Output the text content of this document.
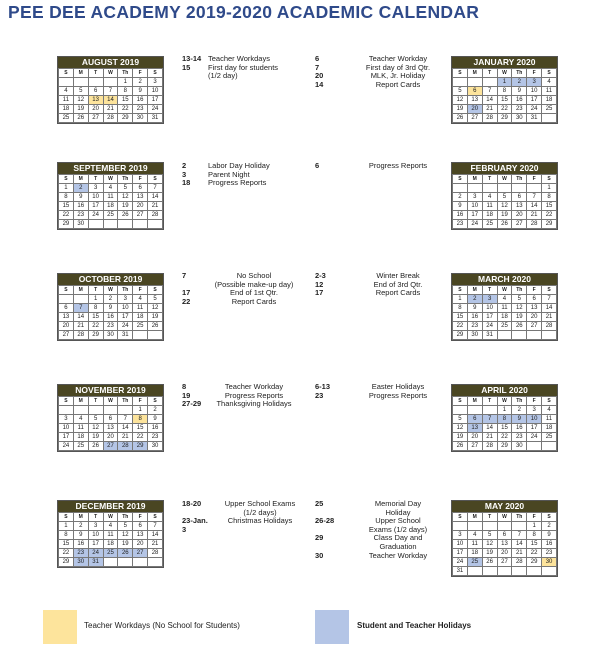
PEE DEE ACADEMY 2019-2020 ACADEMIC CALENDAR
AUGUST 2019
S	M	T	W	Th	F	S
				1	2	3
4	5	6	7	8	9	10
11	12	13	14	15	16	17
18	19	20	21	22	23	24
25	26	27	28	29	30	31
SEPTEMBER 2019
S	M	T	W	Th	F	S
1	2	3	4	5	6	7
8	9	10	11	12	13	14
15	16	17	18	19	20	21
22	23	24	25	26	27	28
29	30					
OCTOBER 2019
S	M	T	W	Th	F	S
		1	2	3	4	5
6	7	8	9	10	11	12
13	14	15	16	17	18	19
20	21	22	23	24	25	26
27	28	29	30	31		
NOVEMBER 2019
S	M	T	W	Th	F	S
					1	2
3	4	5	6	7	8	9
10	11	12	13	14	15	16
17	18	19	20	21	22	23
24	25	26	27	28	29	30
DECEMBER 2019
S	M	T	W	Th	F	S
1	2	3	4	5	6	7
8	9	10	11	12	13	14
15	16	17	18	19	20	21
22	23	24	25	26	27	28
29	30	31				
JANUARY 2020
S	M	T	W	Th	F	S
			1	2	3	4
5	6	7	8	9	10	11
12	13	14	15	16	17	18
19	20	21	22	23	24	25
26	27	28	29	30	31	
FEBRUARY 2020
S	M	T	W	Th	F	S
						1
2	3	4	5	6	7	8
9	10	11	12	13	14	15
16	17	18	19	20	21	22
23	24	25	26	27	28	29
MARCH 2020
S	M	T	W	Th	F	S
1	2	3	4	5	6	7
8	9	10	11	12	13	14
15	16	17	18	19	20	21
22	23	24	25	26	27	28
29	30	31				
APRIL 2020
S	M	T	W	Th	F	S
			1	2	3	4
5	6	7	8	9	10	11
12	13	14	15	16	17	18
19	20	21	22	23	24	25
26	27	28	29	30		
MAY 2020
S	M	T	W	Th	F	S
					1	2
3	4	5	6	7	8	9
10	11	12	13	14	15	16
17	18	19	20	21	22	23
24	25	26	27	28	29	30
31						
13-14 Teacher Workdays
15	First day for students
(1/2 day)
2	Labor Day Holiday
3	Parent Night
18	Progress Reports
7	No School
(Possible make-up day)
17	End of 1st Qtr.
22	Report Cards
8	Teacher Workday
19	Progress Reports
27-29	Thanksgiving Holidays
18-20	Upper School Exams
(1/2 days)
23-Jan. 3
Christmas Holidays
6	Teacher Workday
7	First day of 3rd Qtr.
20	MLK, Jr. Holiday
14	Report Cards
6	Progress Reports
2-3	Winter Break
12	End of 3rd Qtr.
17	Report Cards
6-13	Easter Holidays
23	Progress Reports
25	Memorial Day
Holiday
26-28	Upper School
Exams (1/2 days)
29	Class Day and
Graduation
30	Teacher Workday
Teacher Workdays (No School for Students)	Student and Teacher Holidays
